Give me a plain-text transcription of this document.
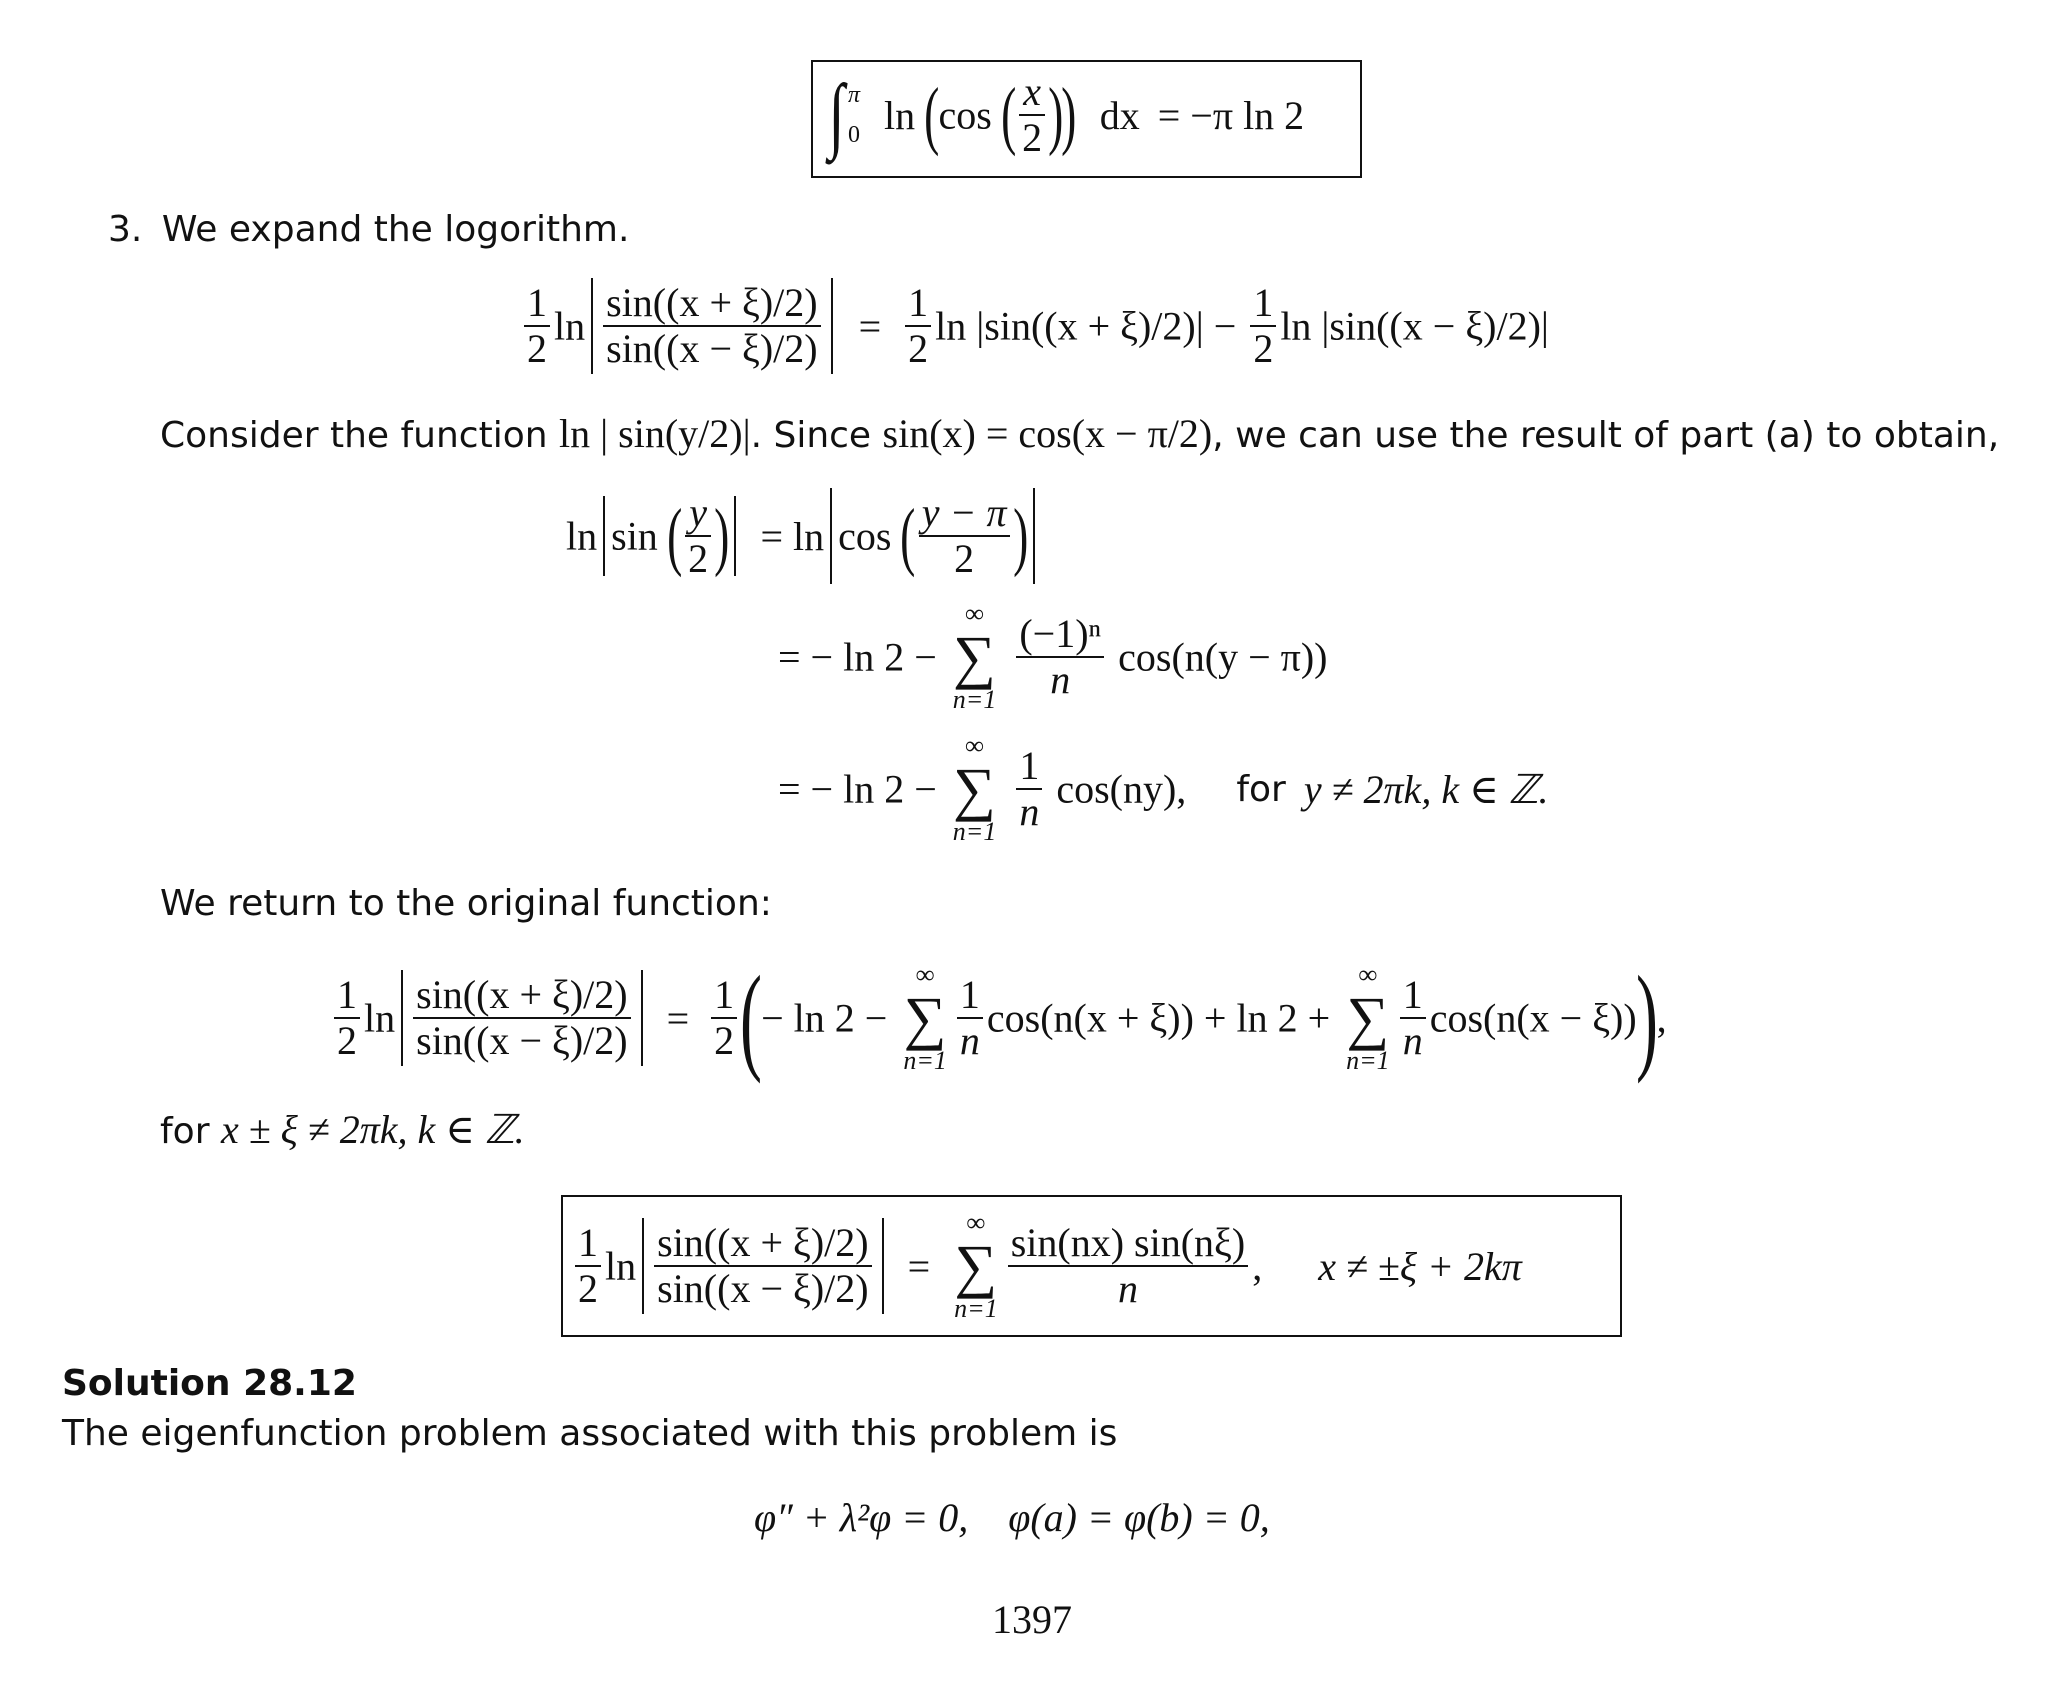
∫ π
0 ln (cos ( $\frac{x}{2}$ )) dx = −π ln 2
3. We expand the logorithm.
$\frac{1}{2}$ $\ln \frac{\sin((x + \xi)/2)}{\sin((x - \xi)/2)} = \frac{1}{2}$ $\ln |\sin((x + \xi)/2)| - \frac{1}{2}$ ln |sin((x − ξ)/2)|
Consider the function ln | sin(y/2)|. Since sin(x) = cos(x − π/2), we can use the result of part (a) to obtain,
ln sin ( $\frac{y}{2}$ ) = ln cos ( $\frac{y - \pi}{2}$ )
= − ln 2 −
∞
∑
n=1
$\frac{\text{(−1)ⁿ}}{n} \cos(n(y - \pi))$
= − ln 2 −
∞
∑
n=1
$\frac{1}{n} \cos(ny)$, for y ≠ 2πk, k ∈ ℤ.
We return to the original function:
$\frac{1}{2}$ $\ln \frac{\sin((x + \xi)/2)}{\sin((x - \xi)/2)} = \frac{1}{2}$ (− ln 2 −
∞
∑
$n=1 \frac{1}{n} \cos(n(x + \xi)) + \ln 2$ +
∞
∑
$n=1 \frac{1}{n} \cos(n(x - \xi))$),
for x ± ξ ≠ 2πk, k ∈ ℤ.
$\frac{1}{2}$ $\ln \frac{\sin((x + \xi)/2)}{\sin((x - \xi)/2)}$ =
∞
∑
$n=1 \frac{\sin(nx) \sin(n\xi)}{n}$ , x ≠ ±ξ + 2kπ
Solution 28.12
The eigenfunction problem associated with this problem is
φ″ + λ²φ = 0,    φ(a) = φ(b) = 0,
1397
